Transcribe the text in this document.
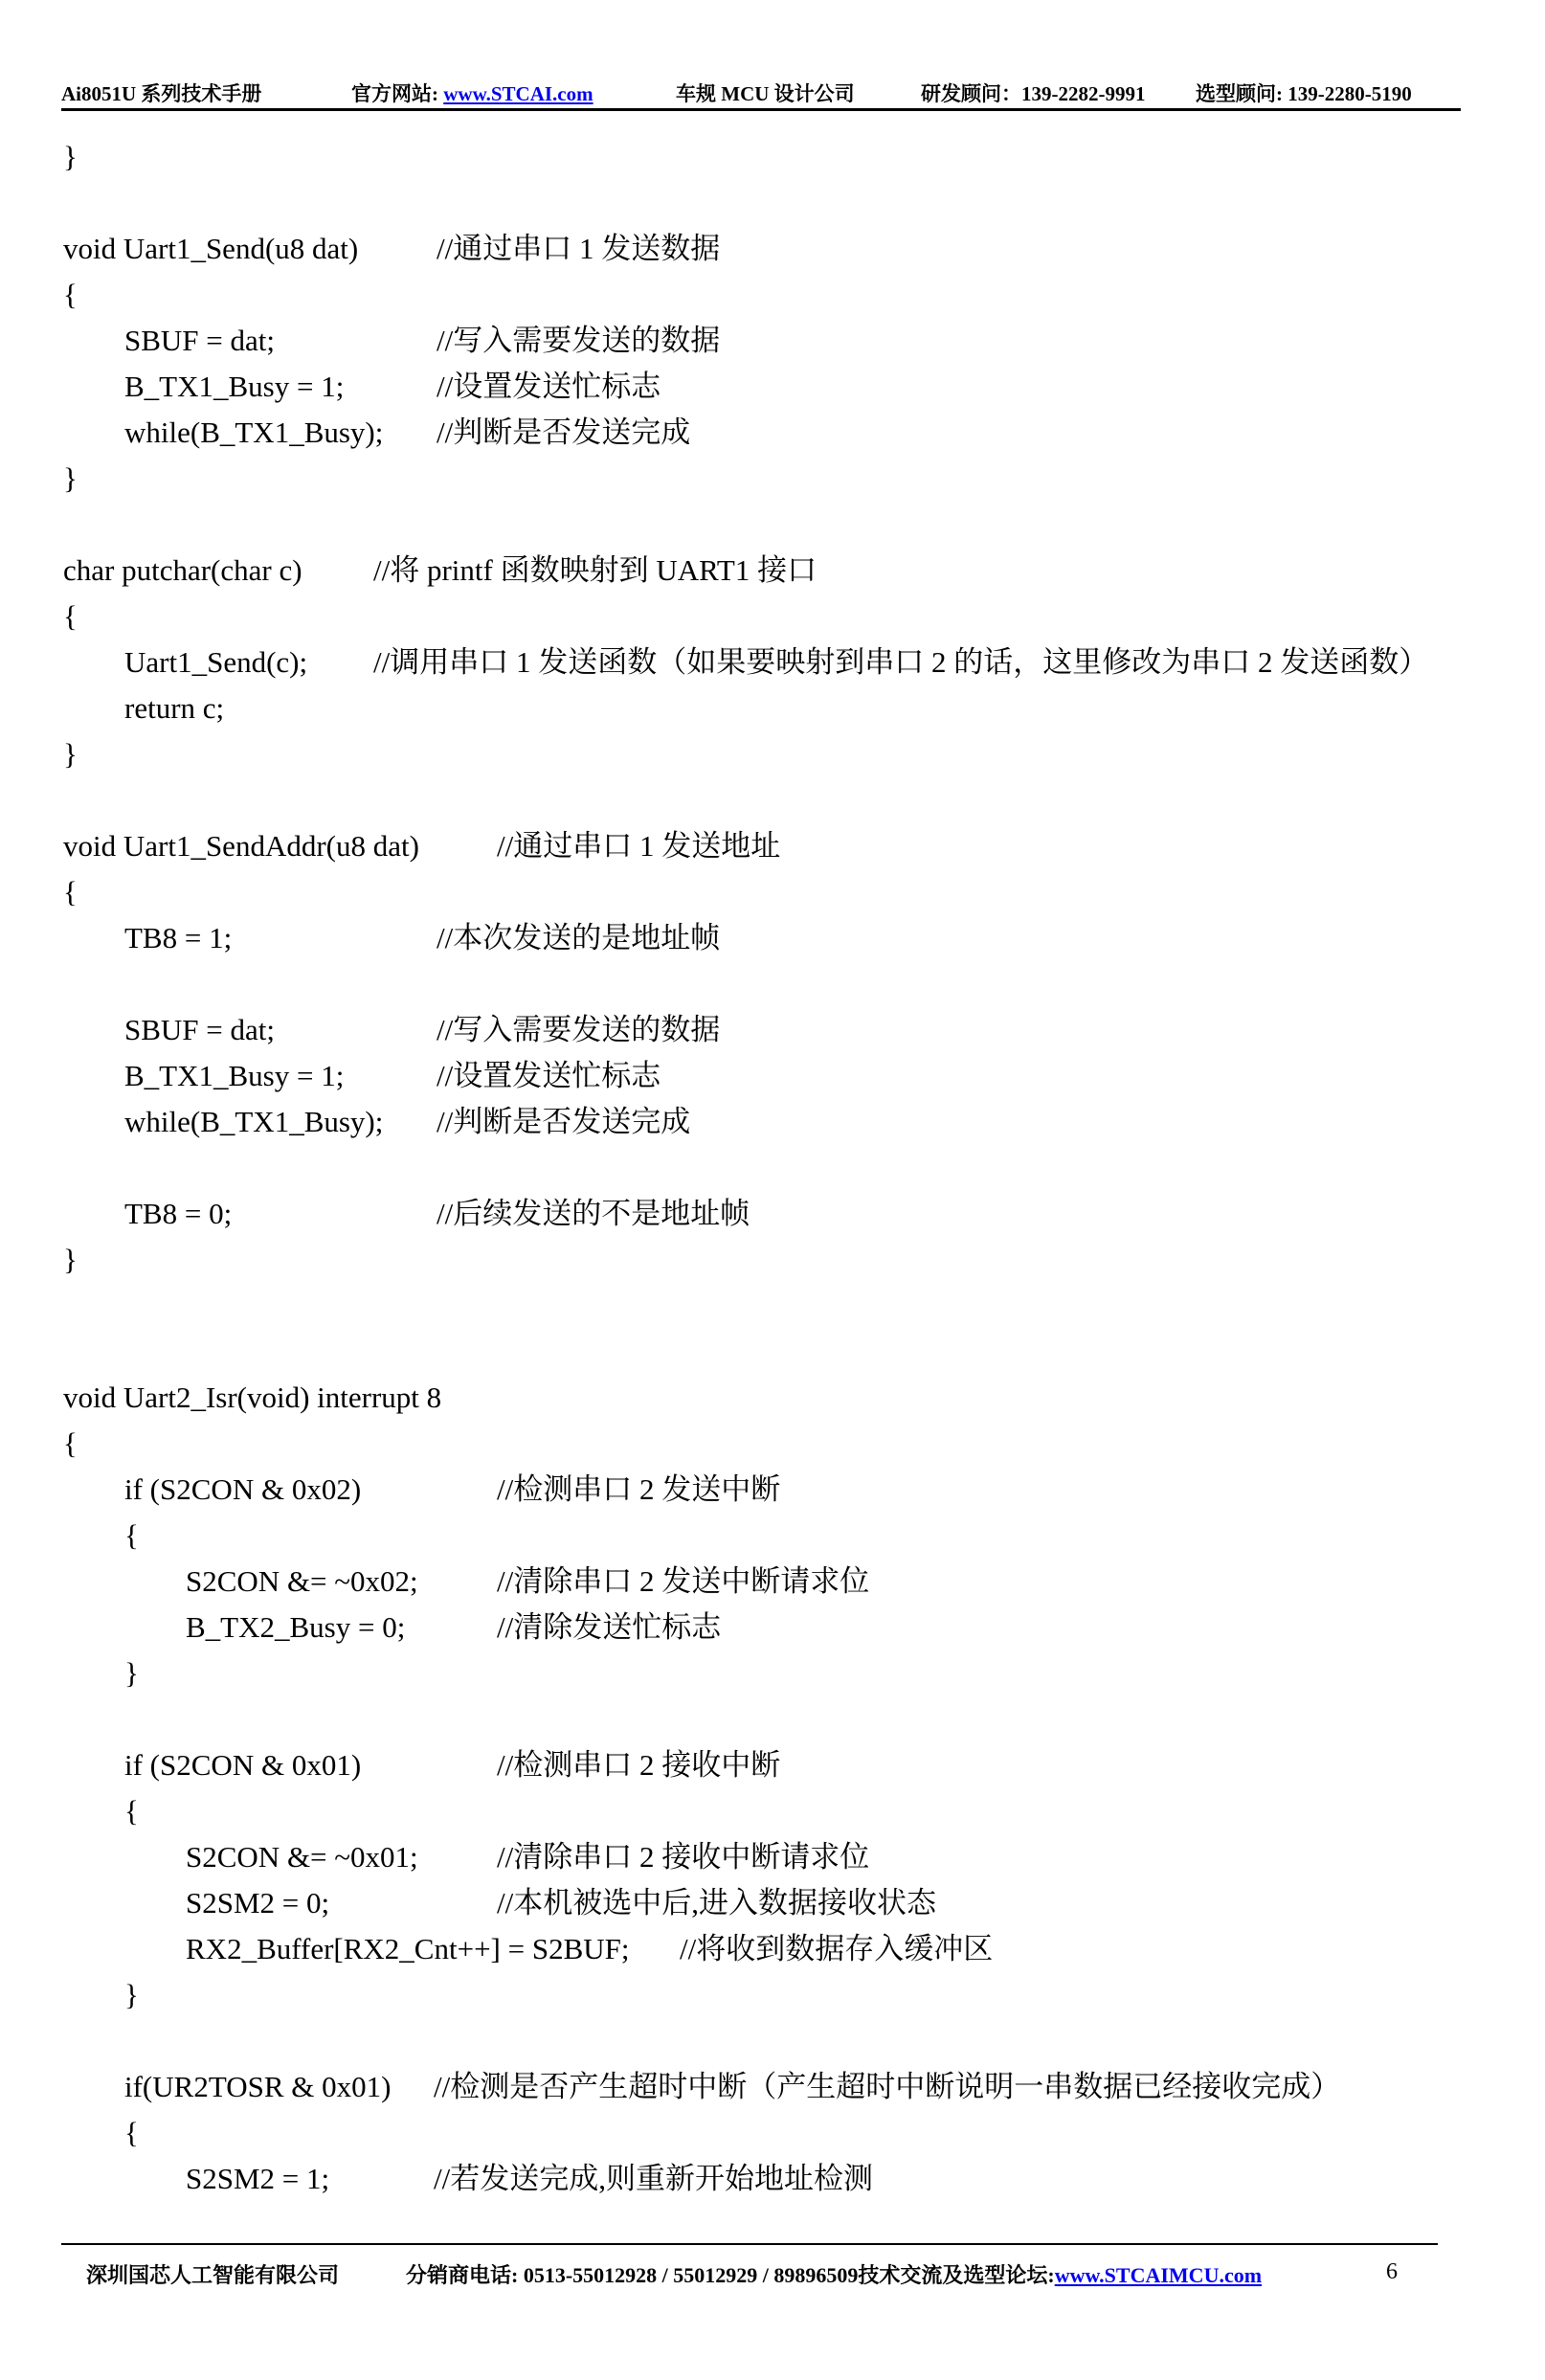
Ai8051U 系列技术手册	官方网站: www.STCAI.com	车规 MCU 设计公司	研发顾问：139-2282-9991	选型顾问: 139-2280-5190
}
void Uart1_Send(u8 dat)	//通过串口 1 发送数据
{
SBUF = dat;	//写入需要发送的数据
B_TX1_Busy = 1;	//设置发送忙标志
while(B_TX1_Busy); //判断是否发送完成
}
char putchar(char c) //将 printf 函数映射到 UART1 接口
{
Uart1_Send(c); //调用串口 1 发送函数（如果要映射到串口 2 的话，这里修改为串口 2 发送函数）
return c;
}
void Uart1_SendAddr(u8 dat)	//通过串口 1 发送地址
{
TB8 = 1;	//本次发送的是地址帧
SBUF = dat;	//写入需要发送的数据
B_TX1_Busy = 1;	//设置发送忙标志
while(B_TX1_Busy); //判断是否发送完成
TB8 = 0;	//后续发送的不是地址帧
}
void Uart2_Isr(void) interrupt 8
{
if (S2CON & 0x02)	//检测串口 2 发送中断
{
S2CON &= ~0x02;	//清除串口 2 发送中断请求位
B_TX2_Busy = 0;	//清除发送忙标志
}
if (S2CON & 0x01)	//检测串口 2 接收中断
{
S2CON &= ~0x01;	//清除串口 2 接收中断请求位
S2SM2 = 0;	//本机被选中后,进入数据接收状态
RX2_Buffer[RX2_Cnt++] = S2BUF; //将收到数据存入缓冲区
}
if(UR2TOSR & 0x01) //检测是否产生超时中断（产生超时中断说明一串数据已经接收完成）
{
S2SM2 = 1;	//若发送完成,则重新开始地址检测
深圳国芯人工智能有限公司	分销商电话: 0513-55012928 / 55012929 / 89896509技术交流及选型论坛:www.STCAIMCU.com	6
